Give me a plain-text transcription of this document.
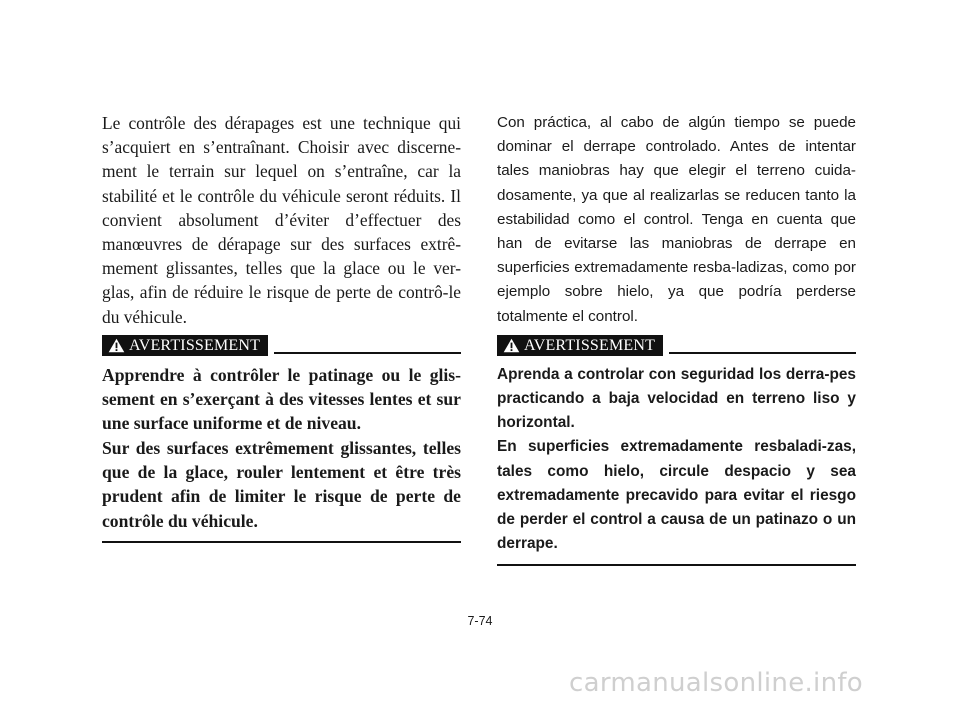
Le contrôle des dérapages est une technique qui s’acquiert en s’entraînant. Choisir avec discerne-ment le terrain sur lequel on s’entraîne, car la stabilité et le contrôle du véhicule seront réduits. Il convient absolument d’éviter d’effectuer des manœuvres de dérapage sur des surfaces extrê-mement glissantes, telles que la glace ou le ver-glas, afin de réduire le risque de perte de contrô-le du véhicule.

AVERTISSEMENT

Apprendre à contrôler le patinage ou le glis-sement en s’exerçant à des vitesses lentes et sur une surface uniforme et de niveau.

Sur des surfaces extrêmement glissantes, telles que de la glace, rouler lentement et être très prudent afin de limiter le risque de perte de contrôle du véhicule.

Con práctica, al cabo de algún tiempo se puede dominar el derrape controlado. Antes de intentar tales maniobras hay que elegir el terreno cuida-dosamente, ya que al realizarlas se reducen tanto la estabilidad como el control. Tenga en cuenta que han de evitarse las maniobras de derrape en superficies extremadamente resba-ladizas, como por ejemplo sobre hielo, ya que podría perderse totalmente el control.

AVERTISSEMENT

Aprenda a controlar con seguridad los derra-pes practicando a baja velocidad en terreno liso y horizontal.

En superficies extremadamente resbaladi-zas, tales como hielo, circule despacio y sea extremadamente precavido para evitar el riesgo de perder el control a causa de un patinazo o un derrape.

7-74
carmanualsonline.info
